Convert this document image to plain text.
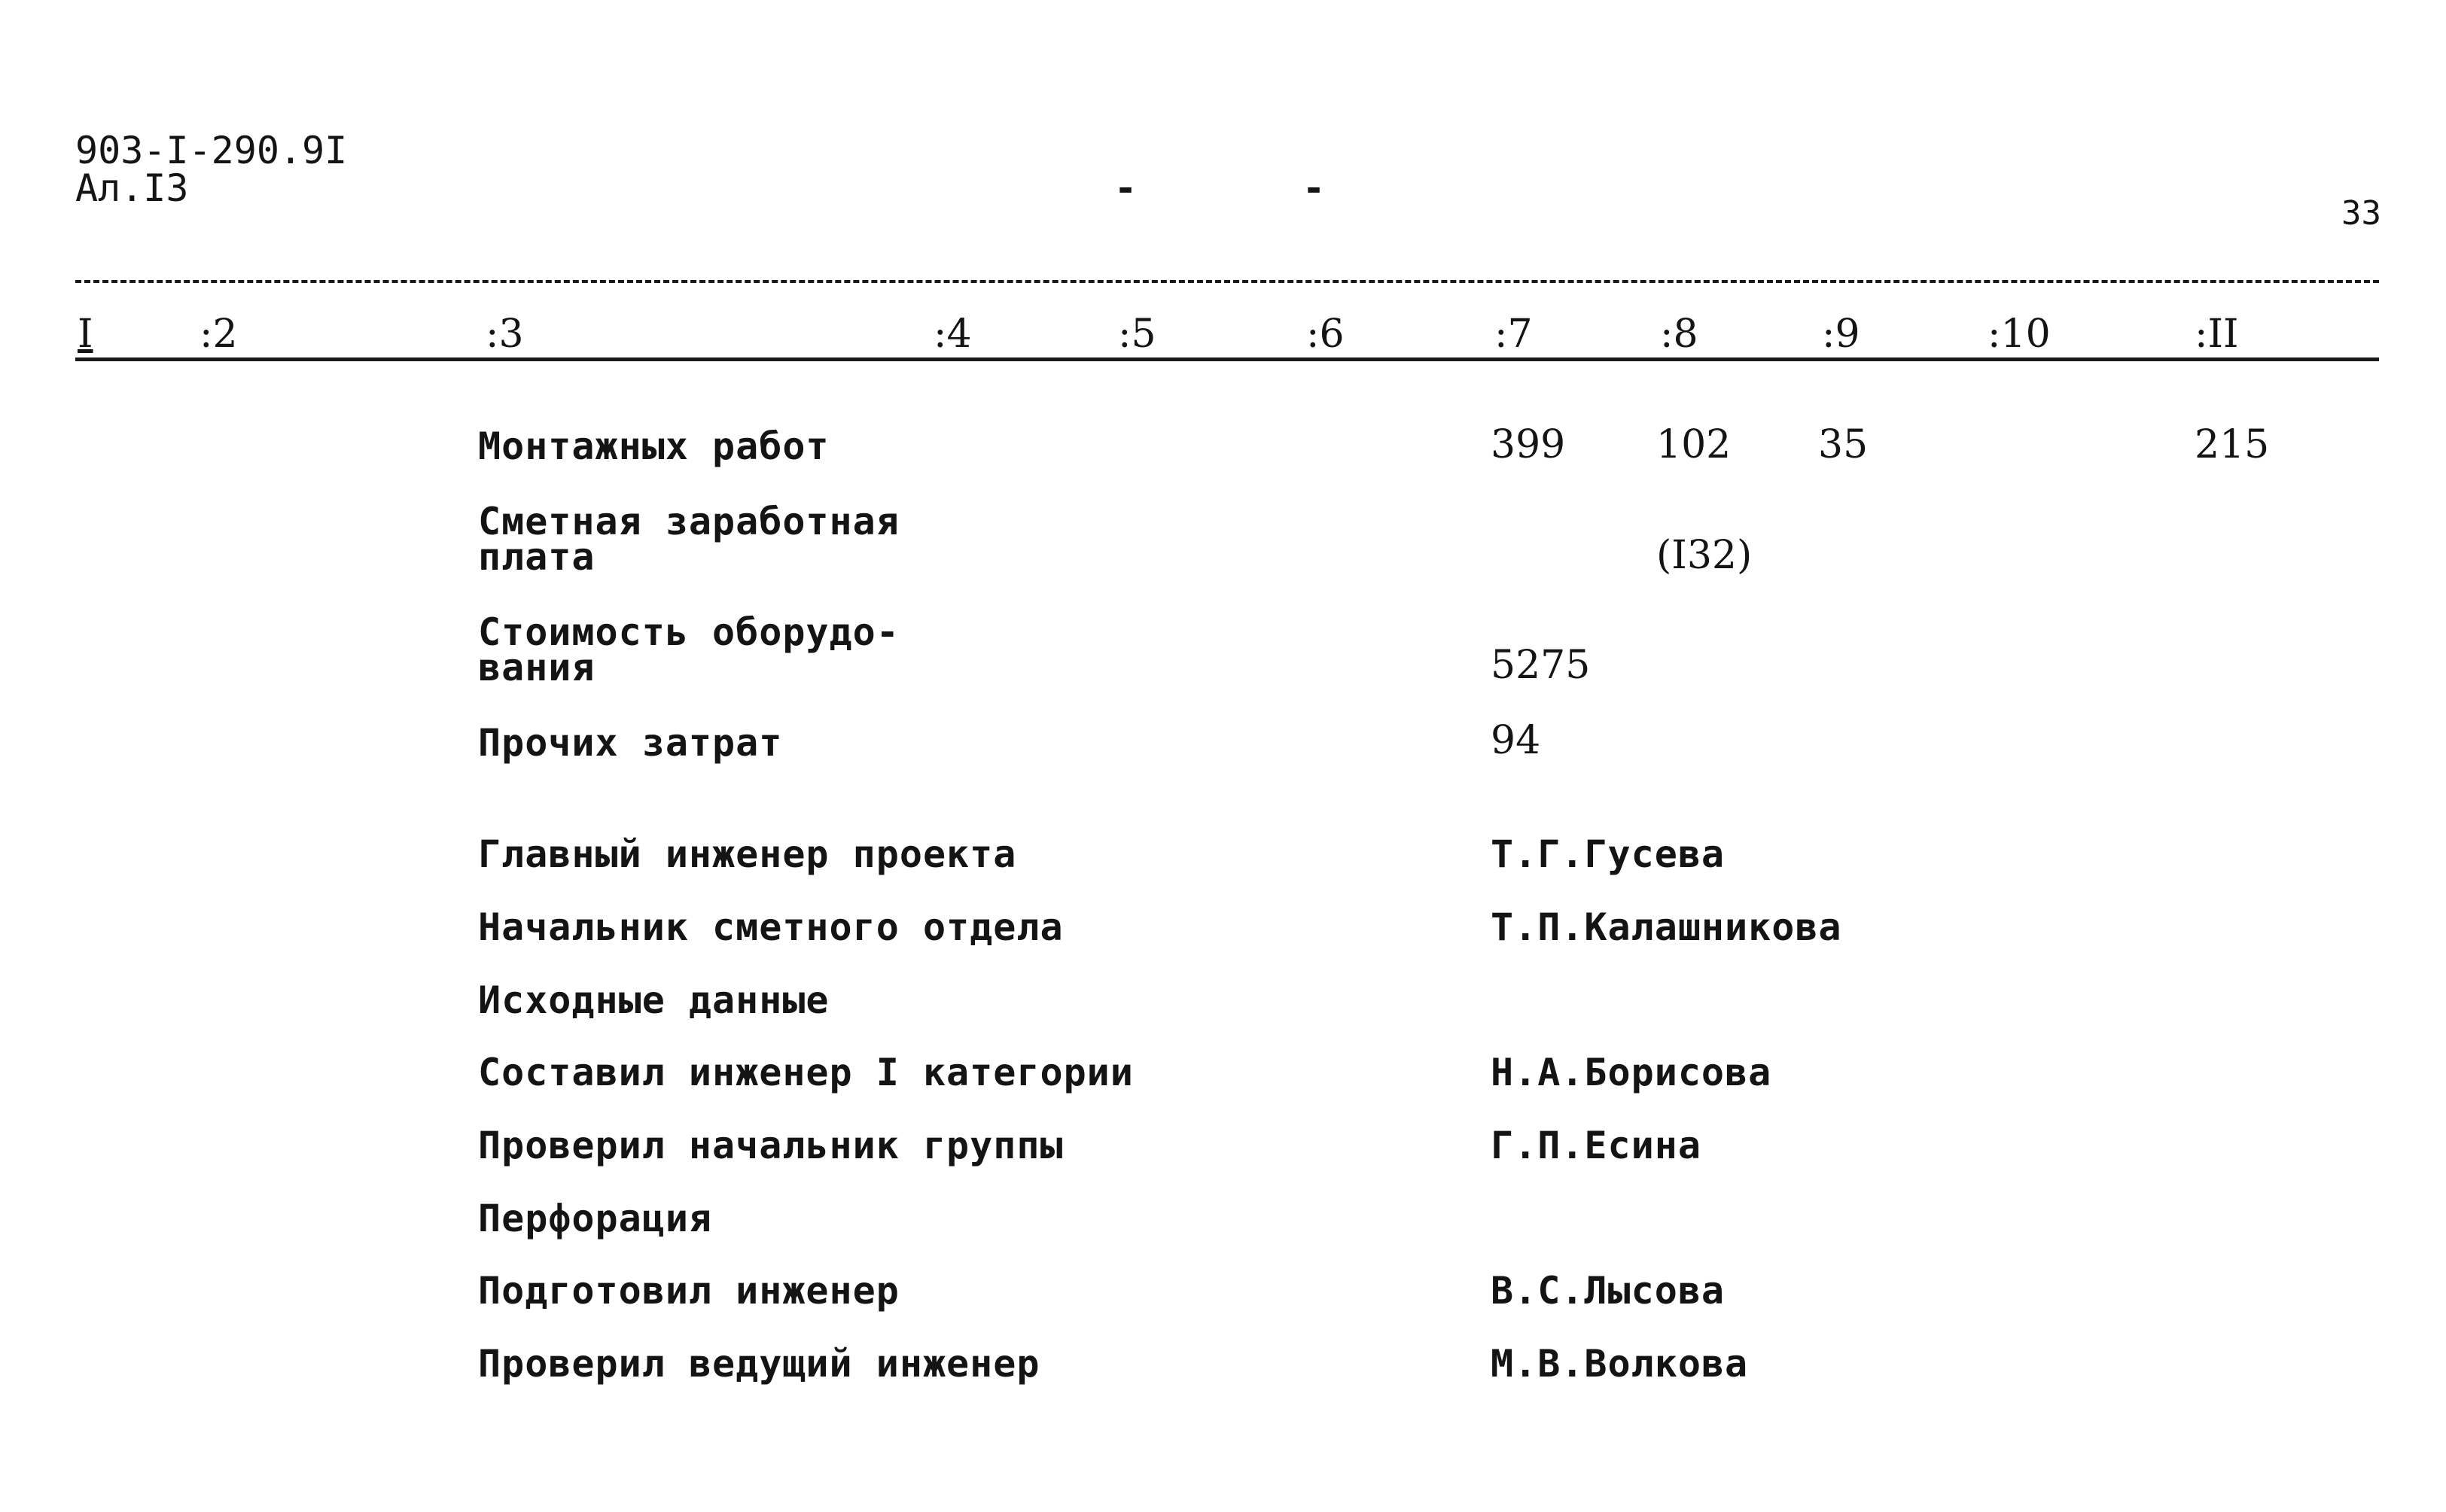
903-I-290.9I
Ал.I3	-	-
33
I	:2	:3	:4	:5	:6	:7	:8	:9	:10	:II
Монтажных работ	399 102 35	215
Сметная заработная
плата	(I32)
Стоимость оборудо-
вания	5275
Прочих затрат	94
Главный инженер проекта	Т.Г.Гусева
Начальник сметного отдела	Т.П.Калашникова
Исходные данные
Составил инженер I категории	Н.А.Борисова
Проверил начальник группы	Г.П.Есина
Перфорация
Подготовил инженер	В.С.Лысова
Проверил ведущий инженер	М.В.Волкова
